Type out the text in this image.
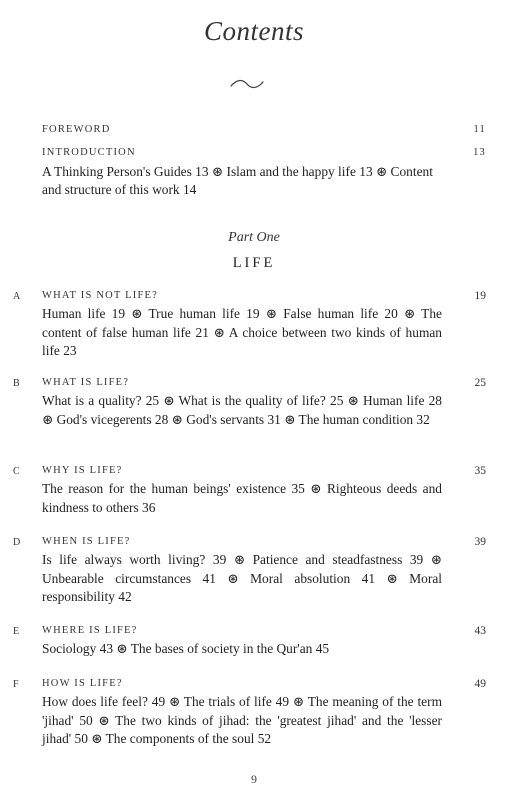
Contents
FOREWORD	11
INTRODUCTION	13
A Thinking Person's Guides 13 ⊛ Islam and the happy life 13 ⊛ Content and structure of this work 14
Part One
LIFE
A WHAT IS NOT LIFE?	19
Human life 19 ⊛ True human life 19 ⊛ False human life 20 ⊛ The content of false human life 21 ⊛ A choice between two kinds of human life 23
B WHAT IS LIFE?	25
What is a quality? 25 ⊛ What is the quality of life? 25 ⊛ Human life 28 ⊛ God's vicegerents 28 ⊛ God's servants 31 ⊛ The human condition 32
C WHY IS LIFE?	35
The reason for the human beings' existence 35 ⊛ Righteous deeds and kindness to others 36
D WHEN IS LIFE?	39
Is life always worth living? 39 ⊛ Patience and steadfastness 39 ⊛ Unbearable circumstances 41 ⊛ Moral absolution 41 ⊛ Moral responsibility 42
E WHERE IS LIFE?	43
Sociology 43 ⊛ The bases of society in the Qur'an 45
F HOW IS LIFE?	49
How does life feel? 49 ⊛ The trials of life 49 ⊛ The meaning of the term 'jihad' 50 ⊛ The two kinds of jihad: the 'greatest jihad' and the 'lesser jihad' 50 ⊛ The components of the soul 52
9
